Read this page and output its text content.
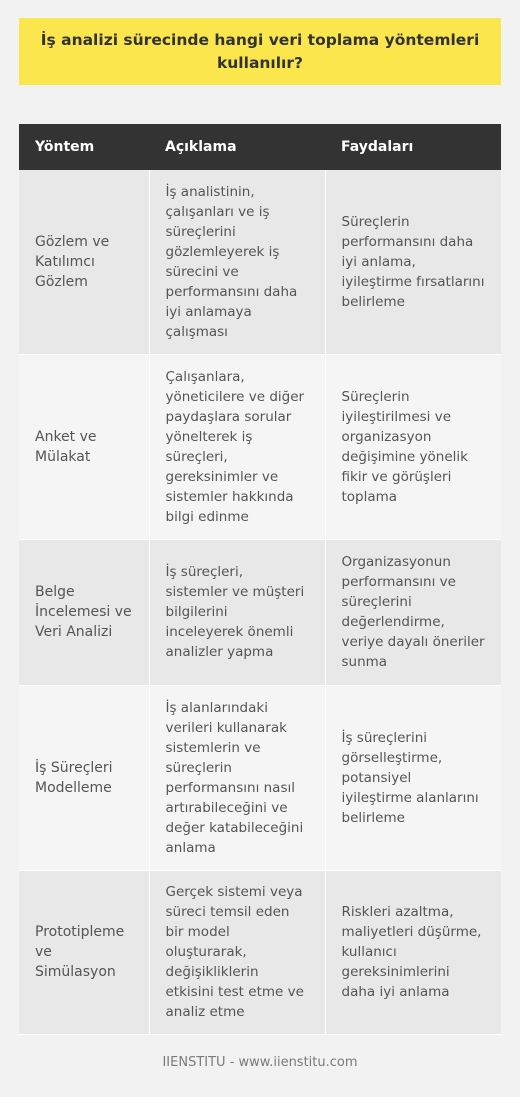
İş analizi sürecinde hangi veri toplama yöntemleri kullanılır?
Yöntem	Açıklama	Faydaları
Gözlem ve Katılımcı Gözlem	İş analistinin, çalışanları ve iş süreçlerini gözlemleyerek iş sürecini ve performansını daha iyi anlamaya çalışması	Süreçlerin performansını daha iyi anlama, iyileştirme fırsatlarını belirleme
Anket ve Mülakat	Çalışanlara, yöneticilere ve diğer paydaşlara sorular yönelterek iş süreçleri, gereksinimler ve sistemler hakkında bilgi edinme	Süreçlerin iyileştirilmesi ve organizasyon değişimine yönelik fikir ve görüşleri toplama
Belge İncelemesi ve Veri Analizi	İş süreçleri, sistemler ve müşteri bilgilerini inceleyerek önemli analizler yapma	Organizasyonun performansını ve süreçlerini değerlendirme, veriye dayalı öneriler sunma
İş Süreçleri Modelleme	İş alanlarındaki verileri kullanarak sistemlerin ve süreçlerin performansını nasıl artırabileceğini ve değer katabileceğini anlama	İş süreçlerini görselleştirme, potansiyel iyileştirme alanlarını belirleme
Prototipleme ve Simülasyon	Gerçek sistemi veya süreci temsil eden bir model oluşturarak, değişikliklerin etkisini test etme ve analiz etme	Riskleri azaltma, maliyetleri düşürme, kullanıcı gereksinimlerini daha iyi anlama
IIENSTITU - www.iienstitu.com
